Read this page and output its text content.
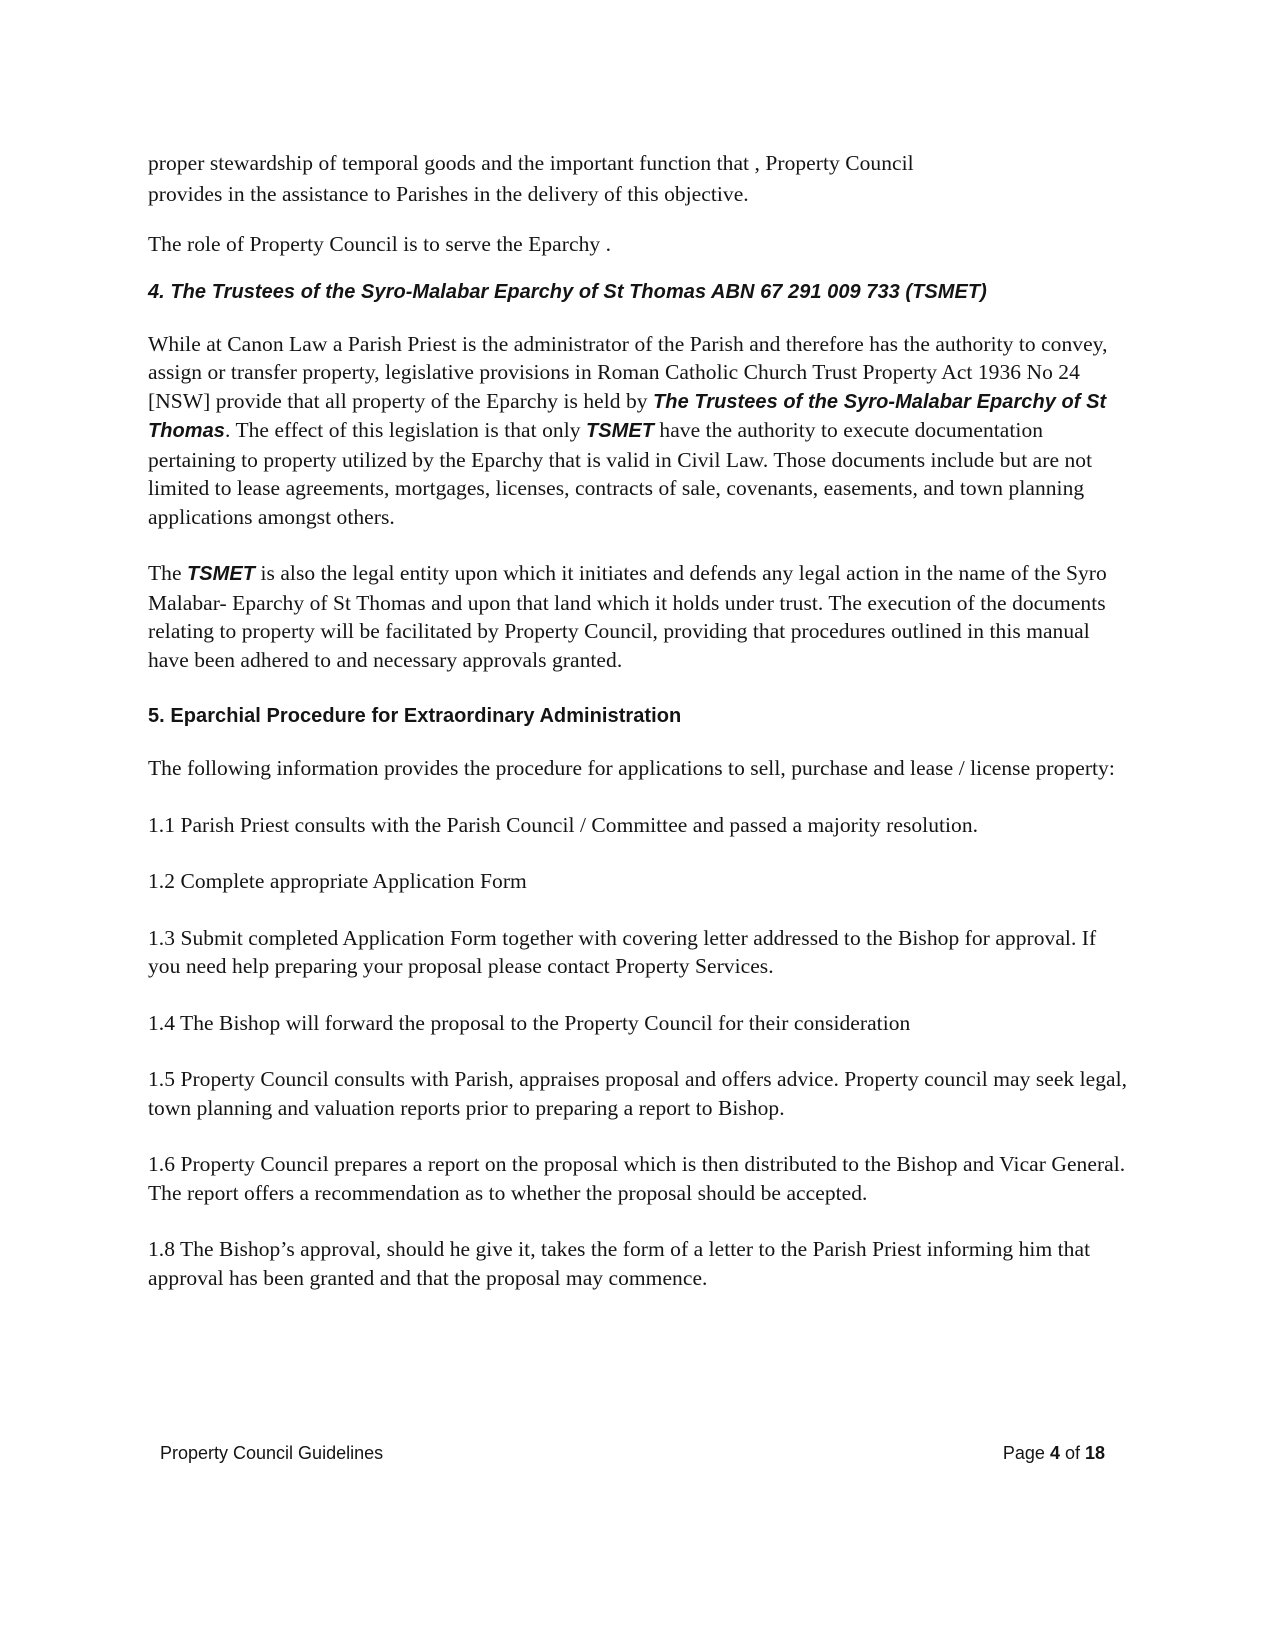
proper stewardship of temporal goods and the important function that , Property Council
provides in the assistance to Parishes in the delivery of this objective.

The role of Property Council is to serve the Eparchy .

4. The Trustees of the Syro-Malabar Eparchy of St Thomas ABN 67 291 009 733 (TSMET)

While at Canon Law a Parish Priest is the administrator of the Parish and therefore has the authority to convey, assign or transfer property, legislative provisions in Roman Catholic Church Trust Property Act 1936 No 24 [NSW] provide that all property of the Eparchy is held by The Trustees of the Syro-Malabar Eparchy of St Thomas. The effect of this legislation is that only TSMET have the authority to execute documentation pertaining to property utilized by the Eparchy that is valid in Civil Law. Those documents include but are not limited to lease agreements, mortgages, licenses, contracts of sale, covenants, easements, and town planning applications amongst others.

The TSMET is also the legal entity upon which it initiates and defends any legal action in the name of the Syro Malabar- Eparchy of St Thomas and upon that land which it holds under trust. The execution of the documents relating to property will be facilitated by Property Council, providing that procedures outlined in this manual have been adhered to and necessary approvals granted.

5. Eparchial Procedure for Extraordinary Administration

The following information provides the procedure for applications to sell, purchase and lease / license property:

1.1 Parish Priest consults with the Parish Council / Committee and passed a majority resolution.

1.2 Complete appropriate Application Form

1.3 Submit completed Application Form together with covering letter addressed to the Bishop for approval. If you need help preparing your proposal please contact Property Services.

1.4 The Bishop will forward the proposal to the Property Council for their consideration

1.5 Property Council consults with Parish, appraises proposal and offers advice. Property council may seek legal, town planning and valuation reports prior to preparing a report to Bishop.

1.6 Property Council prepares a report on the proposal which is then distributed to the Bishop and Vicar General. The report offers a recommendation as to whether the proposal should be accepted.

1.8 The Bishop’s approval, should he give it, takes the form of a letter to the Parish Priest informing him that approval has been granted and that the proposal may commence.

Property Council Guidelines	Page 4 of 18
